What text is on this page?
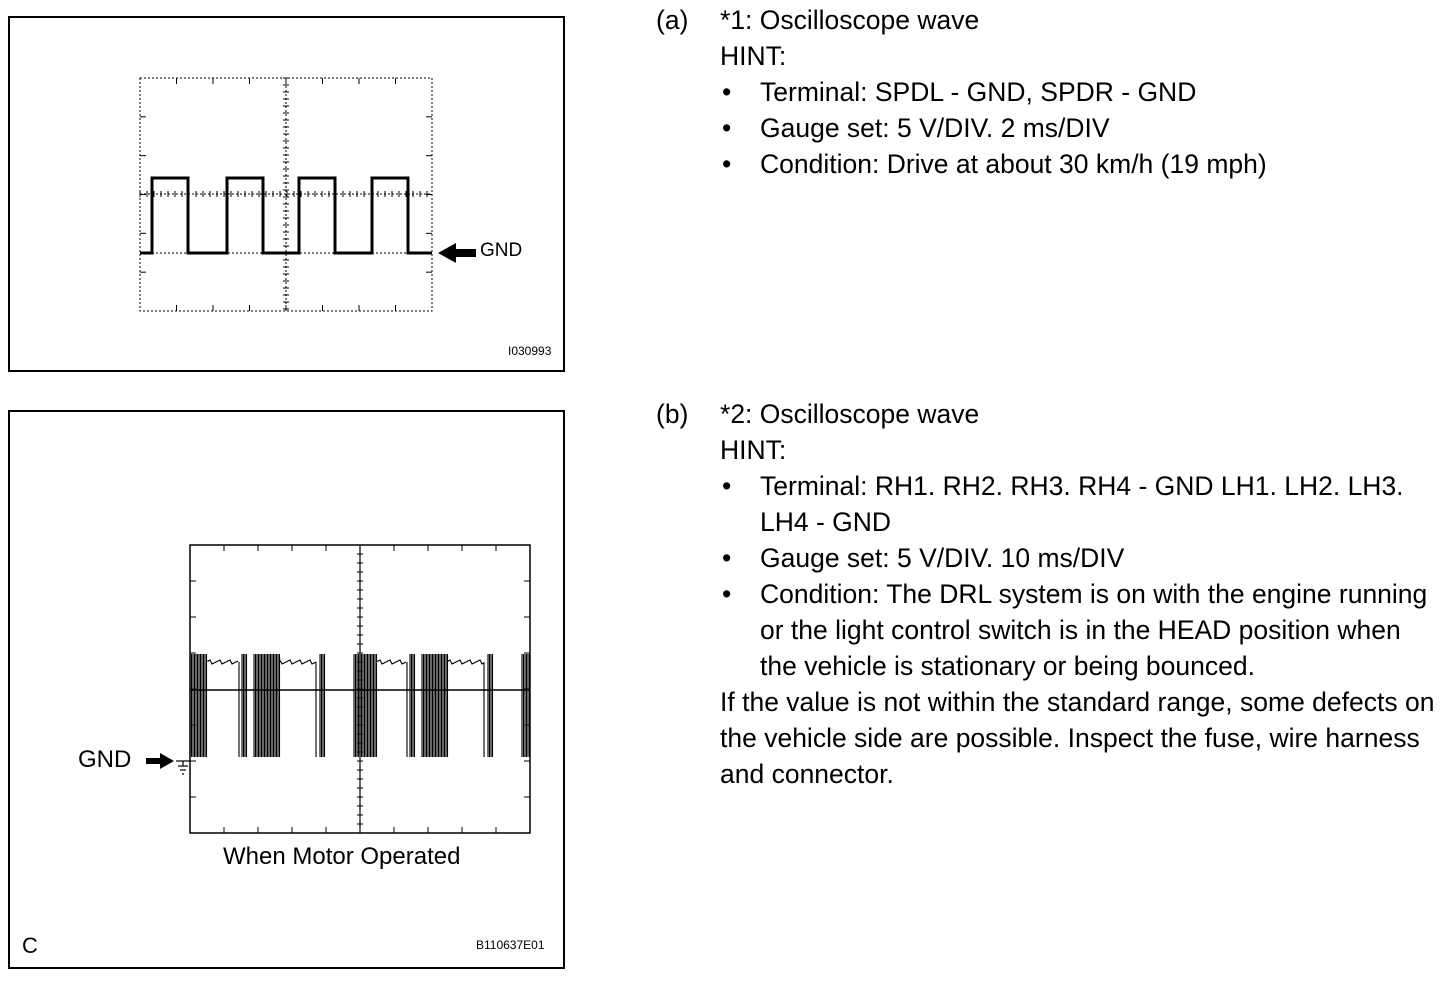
GND
I030993
GND
When Motor Operated
C	B110637E01
(a)	*1: Oscilloscope wave
HINT:
•	Terminal: SPDL - GND, SPDR - GND
•	Gauge set: 5 V/DIV. 2 ms/DIV
•	Condition: Drive at about 30 km/h (19 mph)
(b)	*2: Oscilloscope wave
HINT:
•	Terminal: RH1. RH2. RH3. RH4 - GND LH1. LH2. LH3. LH4 - GND
•	Gauge set: 5 V/DIV. 10 ms/DIV
•	Condition: The DRL system is on with the engine running or the light control switch is in the HEAD position when the vehicle is stationary or being bounced.
If the value is not within the standard range, some defects on the vehicle side are possible. Inspect the fuse, wire harness and connector.
